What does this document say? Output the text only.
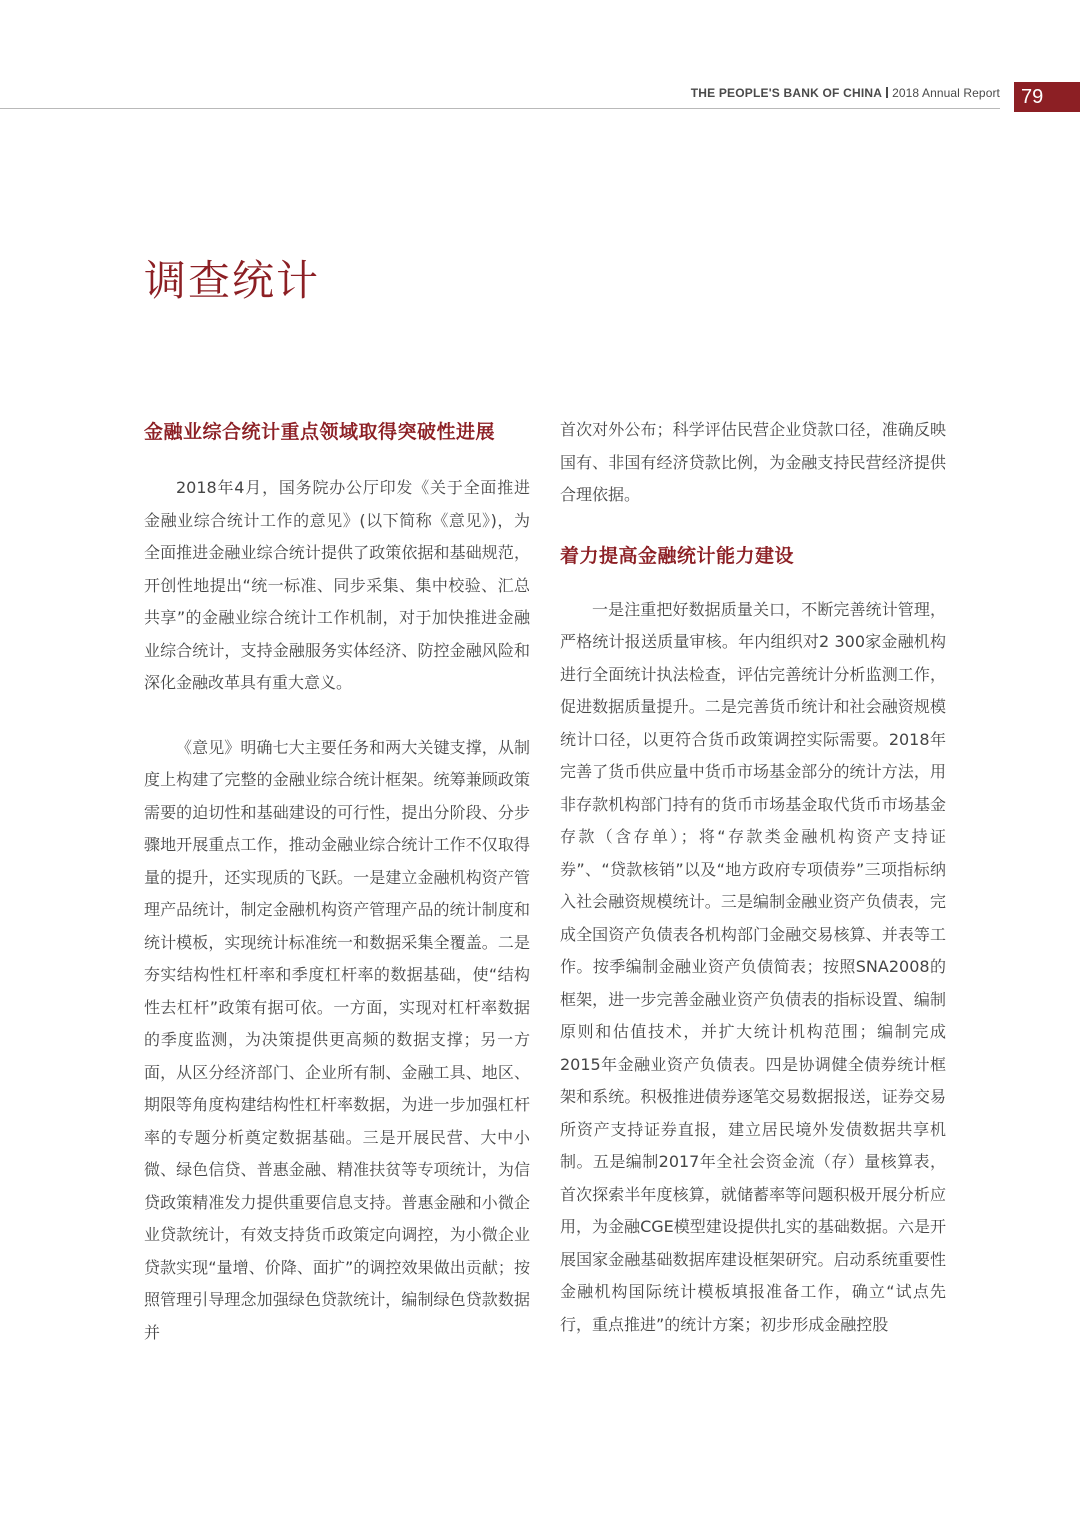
THE PEOPLE'S BANK OF CHINA 2018 Annual Report	79
调查统计
金融业综合统计重点领域取得突破性进展

2018年4月，国务院办公厅印发《关于全面推进金融业综合统计工作的意见》(以下简称《意见》)，为全面推进金融业综合统计提供了政策依据和基础规范，开创性地提出“统一标准、同步采集、集中校验、汇总共享”的金融业综合统计工作机制，对于加快推进金融业综合统计，支持金融服务实体经济、防控金融风险和深化金融改革具有重大意义。

《意见》明确七大主要任务和两大关键支撑，从制度上构建了完整的金融业综合统计框架。统筹兼顾政策需要的迫切性和基础建设的可行性，提出分阶段、分步骤地开展重点工作，推动金融业综合统计工作不仅取得量的提升，还实现质的飞跃。一是建立金融机构资产管理产品统计，制定金融机构资产管理产品的统计制度和统计模板，实现统计标准统一和数据采集全覆盖。二是夯实结构性杠杆率和季度杠杆率的数据基础，使“结构性去杠杆”政策有据可依。一方面，实现对杠杆率数据的季度监测，为决策提供更高频的数据支撑；另一方面，从区分经济部门、企业所有制、金融工具、地区、期限等角度构建结构性杠杆率数据，为进一步加强杠杆率的专题分析奠定数据基础。三是开展民营、大中小微、绿色信贷、普惠金融、精准扶贫等专项统计，为信贷政策精准发力提供重要信息支持。普惠金融和小微企业贷款统计，有效支持货币政策定向调控，为小微企业贷款实现“量增、价降、面扩”的调控效果做出贡献；按照管理引导理念加强绿色贷款统计，编制绿色贷款数据并

首次对外公布；科学评估民营企业贷款口径，准确反映国有、非国有经济贷款比例，为金融支持民营经济提供合理依据。

着力提高金融统计能力建设

一是注重把好数据质量关口，不断完善统计管理，严格统计报送质量审核。年内组织对2 300家金融机构进行全面统计执法检查，评估完善统计分析监测工作，促进数据质量提升。二是完善货币统计和社会融资规模统计口径，以更符合货币政策调控实际需要。2018年完善了货币供应量中货币市场基金部分的统计方法，用非存款机构部门持有的货币市场基金取代货币市场基金存款（含存单）；将“存款类金融机构资产支持证券”、“贷款核销”以及“地方政府专项债券”三项指标纳入社会融资规模统计。三是编制金融业资产负债表，完成全国资产负债表各机构部门金融交易核算、并表等工作。按季编制金融业资产负债简表；按照SNA2008的框架，进一步完善金融业资产负债表的指标设置、编制原则和估值技术，并扩大统计机构范围；编制完成2015年金融业资产负债表。四是协调健全债券统计框架和系统。积极推进债券逐笔交易数据报送，证券交易所资产支持证券直报，建立居民境外发债数据共享机制。五是编制2017年全社会资金流（存）量核算表，首次探索半年度核算，就储蓄率等问题积极开展分析应用，为金融CGE模型建设提供扎实的基础数据。六是开展国家金融基础数据库建设框架研究。启动系统重要性金融机构国际统计模板填报准备工作，确立“试点先行，重点推进”的统计方案；初步形成金融控股
